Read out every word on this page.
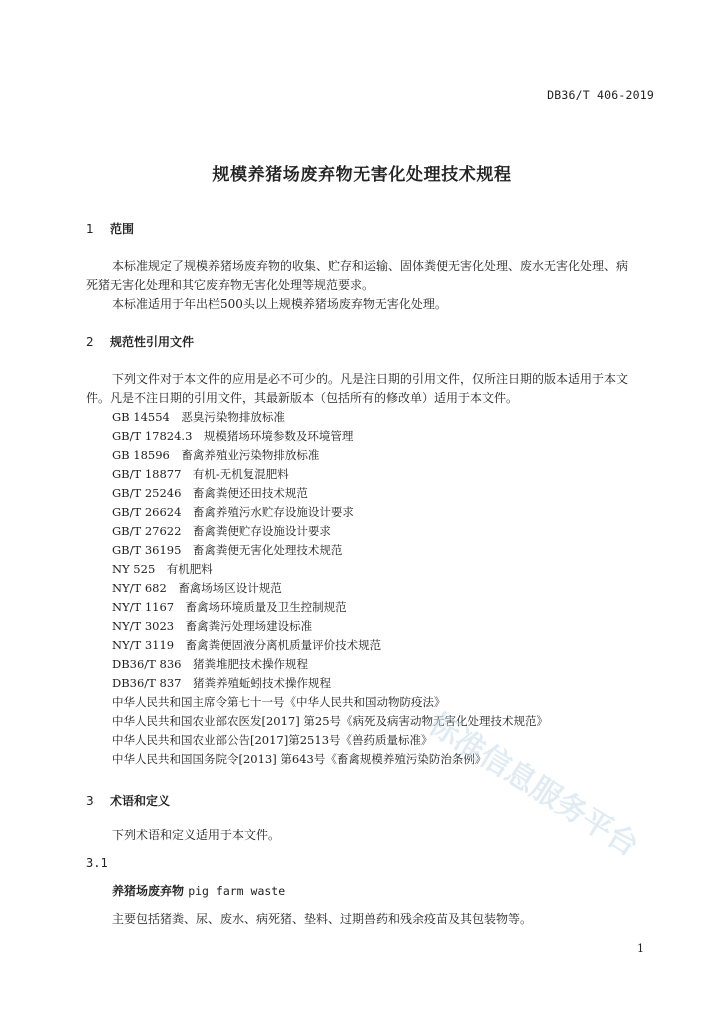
DB36/T 406-2019
规模养猪场废弃物无害化处理技术规程
1 范围
本标准规定了规模养猪场废弃物的收集、贮存和运输、固体粪便无害化处理、废水无害化处理、病
死猪无害化处理和其它废弃物无害化处理等规范要求。
本标准适用于年出栏500头以上规模养猪场废弃物无害化处理。
2 规范性引用文件
下列文件对于本文件的应用是必不可少的。凡是注日期的引用文件，仅所注日期的版本适用于本文
件。凡是不注日期的引用文件，其最新版本（包括所有的修改单）适用于本文件。
GB 14554  恶臭污染物排放标准
GB/T 17824.3  规模猪场环境参数及环境管理
GB 18596  畜禽养殖业污染物排放标准
GB/T 18877  有机-无机复混肥料
GB/T 25246  畜禽粪便还田技术规范
GB/T 26624  畜禽养殖污水贮存设施设计要求
GB/T 27622  畜禽粪便贮存设施设计要求
GB/T 36195  畜禽粪便无害化处理技术规范
NY 525  有机肥料
NY/T 682  畜禽场场区设计规范
NY/T 1167  畜禽场环境质量及卫生控制规范
NY/T 3023  畜禽粪污处理场建设标准
NY/T 3119  畜禽粪便固液分离机质量评价技术规范
DB36/T 836  猪粪堆肥技术操作规程
DB36/T 837  猪粪养殖蚯蚓技术操作规程
中华人民共和国主席令第七十一号《中华人民共和国动物防疫法》
中华人民共和国农业部农医发[2017] 第25号《病死及病害动物无害化处理技术规范》
中华人民共和国农业部公告[2017]第2513号《兽药质量标准》
中华人民共和国国务院令[2013] 第643号《畜禽规模养殖污染防治条例》
3 术语和定义
下列术语和定义适用于本文件。
3.1
养猪场废弃物 pig farm waste
主要包括猪粪、尿、废水、病死猪、垫料、过期兽药和残余疫苗及其包装物等。
标准信息服务平台
1
